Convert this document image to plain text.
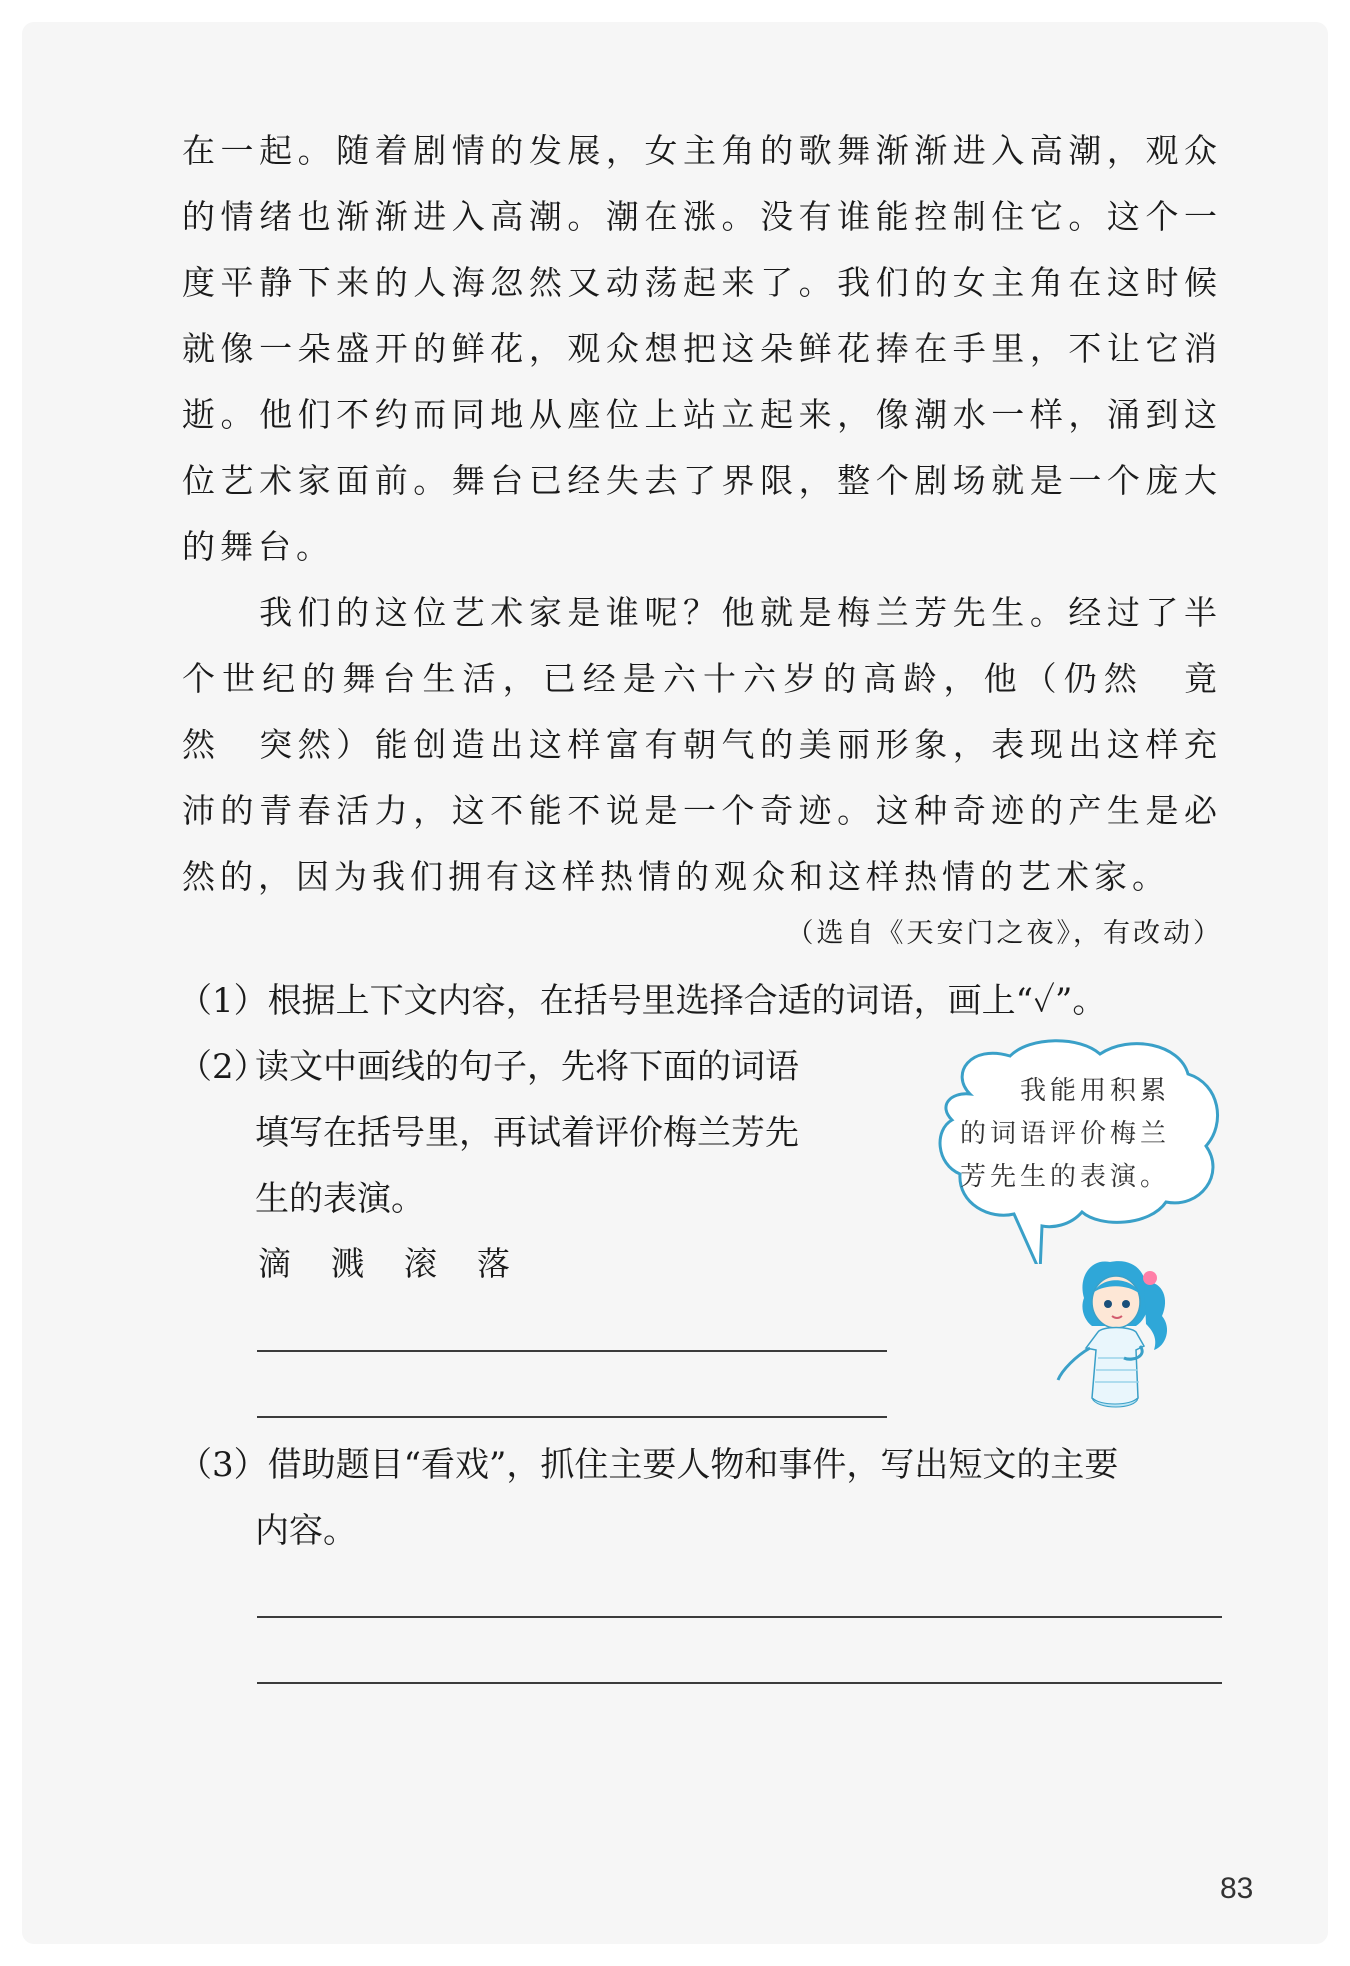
在一起。随着剧情的发展，女主角的歌舞渐渐进入高潮，观众
的情绪也渐渐进入高潮。潮在涨。没有谁能控制住它。这个一
度平静下来的人海忽然又动荡起来了。我们的女主角在这时候
就像一朵盛开的鲜花，观众想把这朵鲜花捧在手里，不让它消
逝。他们不约而同地从座位上站立起来，像潮水一样，涌到这
位艺术家面前。舞台已经失去了界限，整个剧场就是一个庞大
的舞台。
　　我们的这位艺术家是谁呢？他就是梅兰芳先生。经过了半
个世纪的舞台生活，已经是六十六岁的高龄，他（仍然　竟
然　突然）能创造出这样富有朝气的美丽形象，表现出这样充
沛的青春活力，这不能不说是一个奇迹。这种奇迹的产生是必
然的，因为我们拥有这样热情的观众和这样热情的艺术家。
（选自《天安门之夜》，有改动）
（1）根据上下文内容，在括号里选择合适的词语，画上“✓”。
（2）
读文中画线的句子，先将下面的词语
填写在括号里，再试着评价梅兰芳先
生的表演。
滴 溅 滚 落
我能用积累
的词语评价梅兰
芳先生的表演。
（3）借助题目“看戏”，抓住主要人物和事件，写出短文的主要
内容。
83
